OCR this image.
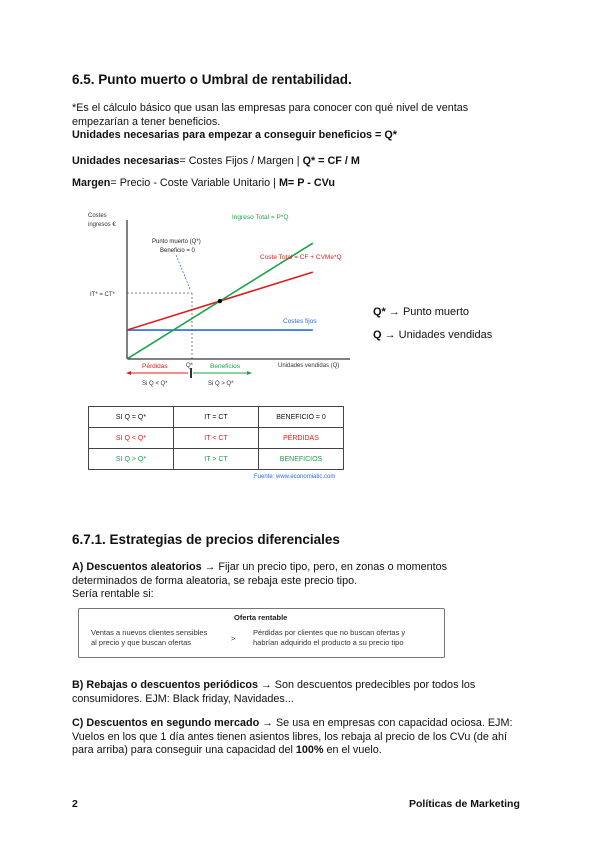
6.5. Punto muerto o Umbral de rentabilidad.
*Es el cálculo básico que usan las empresas para conocer con qué nivel de ventas
empezarían a tener beneficios.
Unidades necesarias para empezar a conseguir beneficios = Q*
Unidades necesarias= Costes Fijos / Margen | Q* = CF / M
Margen= Precio - Coste Variable Unitario | M= P - CVu
Costes
ingresos €
Unidades vendidas (Q)
IT* = CT*
Q*
Ingreso Total = P*Q
Coste Total = CF + CVMe*Q
Costes fijos
Punto muerto (Q*)
Beneficio = 0
Pérdidas	Beneficios
Si Q < Q*	Si Q > Q*
Q* → Punto muerto
Q → Unidades vendidas
SI Q = Q*	IT = CT	BENEFICIO = 0
SI Q < Q*	IT < CT	PÉRDIDAS
SI Q > Q*	IT > CT	BENEFICIOS
Fuente: www.economiatic.com
6.7.1. Estrategias de precios diferenciales
A) Descuentos aleatorios → Fijar un precio tipo, pero, en zonas o momentos
determinados de forma aleatoria, se rebaja este precio tipo.
Sería rentable si:
Oferta rentable
Ventas a nuevos clientes sensibles
al precio y que buscan ofertas	>
Pérdidas por clientes que no buscan ofertas y
habrían adquirido el producto a su precio tipo
B) Rebajas o descuentos periódicos → Son descuentos predecibles por todos los
consumidores. EJM: Black friday, Navidades...
C) Descuentos en segundo mercado → Se usa en empresas con capacidad ociosa. EJM:
Vuelos en los que 1 día antes tienen asientos libres, los rebaja al precio de los CVu (de ahí
para arriba) para conseguir una capacidad del 100% en el vuelo.
2	Políticas de Marketing
